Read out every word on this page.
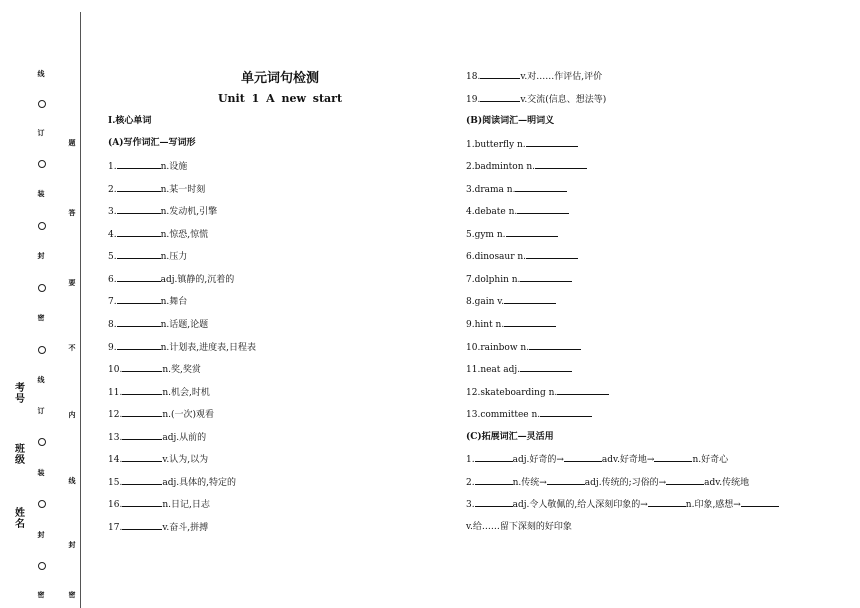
线
订
装
封
密
线
订
装
封
密
题
答
要
不
内
线
封
密
考号
班级
姓名
单元词句检测
Unit 1 A new start
Ⅰ.核心单词
(A)写作词汇—写词形
1.	n.设施
2.	n.某一时刻
3.	n.发动机,引擎
4.	n.惊恐,惊慌
5.	n.压力
6.	adj.镇静的,沉着的
7.	n.舞台
8.	n.话题,论题
9.	n.计划表,进度表,日程表
10.	n.奖,奖赏
11.	n.机会,时机
12.	n.(一次)观看
13.	adj.从前的
14.	v.认为,以为
15.	adj.具体的,特定的
16.	n.日记,日志
17.	v.奋斗,拼搏
18.	v.对……作评估,评价
19.	v.交流(信息、想法等)
(B)阅读词汇—明词义
1.butterfly n.
2.badminton n.
3.drama n.
4.debate n.
5.gym n.
6.dinosaur n.
7.dolphin n.
8.gain v.
9.hint n.
10.rainbow n.
11.neat adj.
12.skateboarding n.
13.committee n.
(C)拓展词汇—灵活用
1.	adj.好奇的→	adv.好奇地→	n.好奇心
2.	n.传统→	adj.传统的;习俗的→	adv.传统地
3.	adj.令人敬佩的,给人深刻印象的→	n.印象,感想→
v.给……留下深刻的好印象
